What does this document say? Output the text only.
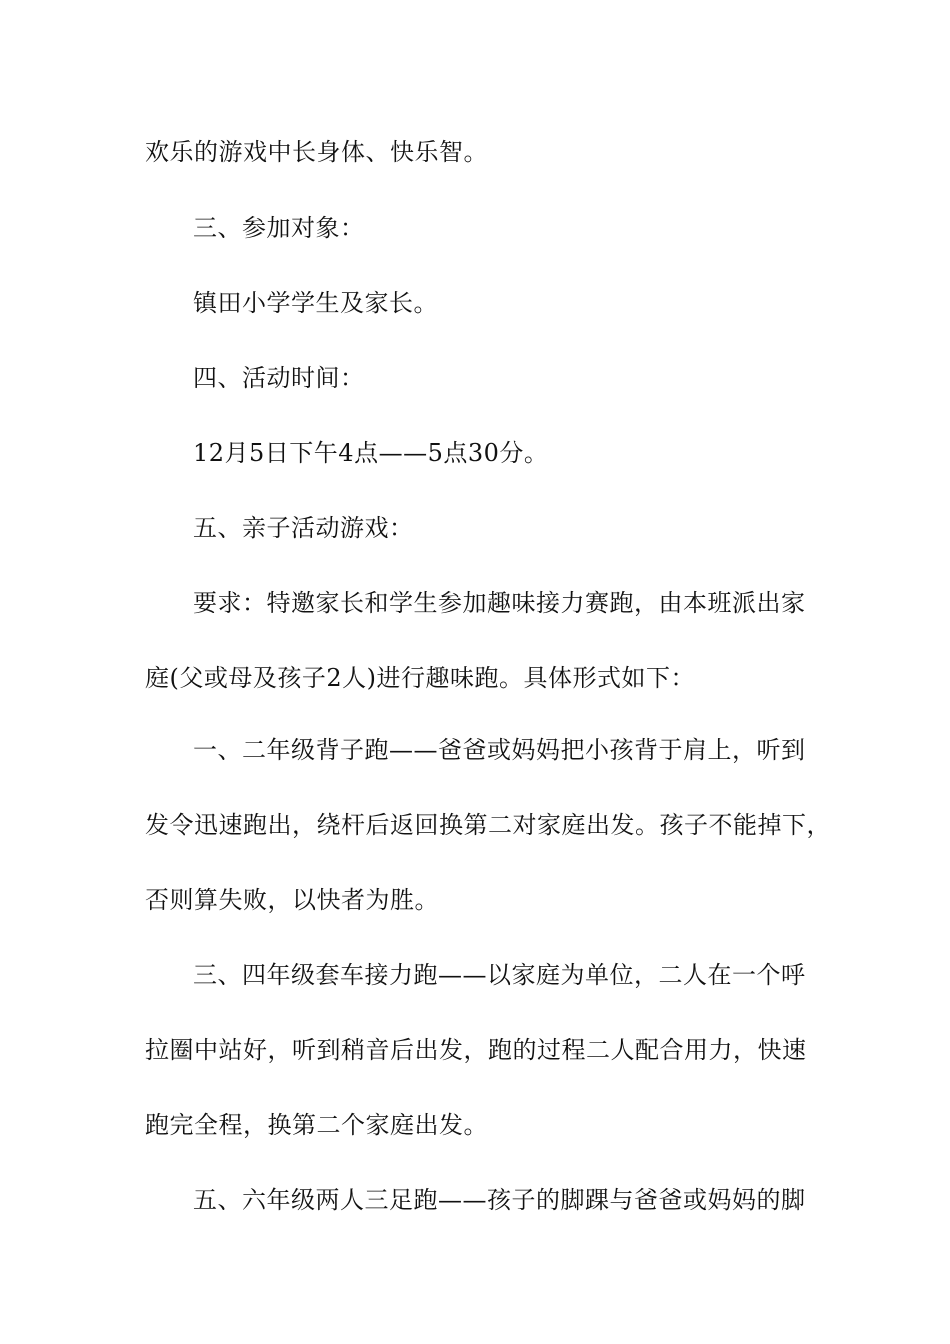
欢乐的游戏中长身体、快乐智。
三、参加对象：
镇田小学学生及家长。
四、活动时间：
12月5日下午4点——5点30分。
五、亲子活动游戏：
要求：特邀家长和学生参加趣味接力赛跑，由本班派出家
庭(父或母及孩子2人)进行趣味跑。具体形式如下：
一、二年级背子跑——爸爸或妈妈把小孩背于肩上，听到
发令迅速跑出，绕杆后返回换第二对家庭出发。孩子不能掉下，
否则算失败，以快者为胜。
三、四年级套车接力跑——以家庭为单位，二人在一个呼
拉圈中站好，听到稍音后出发，跑的过程二人配合用力，快速
跑完全程，换第二个家庭出发。
五、六年级两人三足跑——孩子的脚踝与爸爸或妈妈的脚
